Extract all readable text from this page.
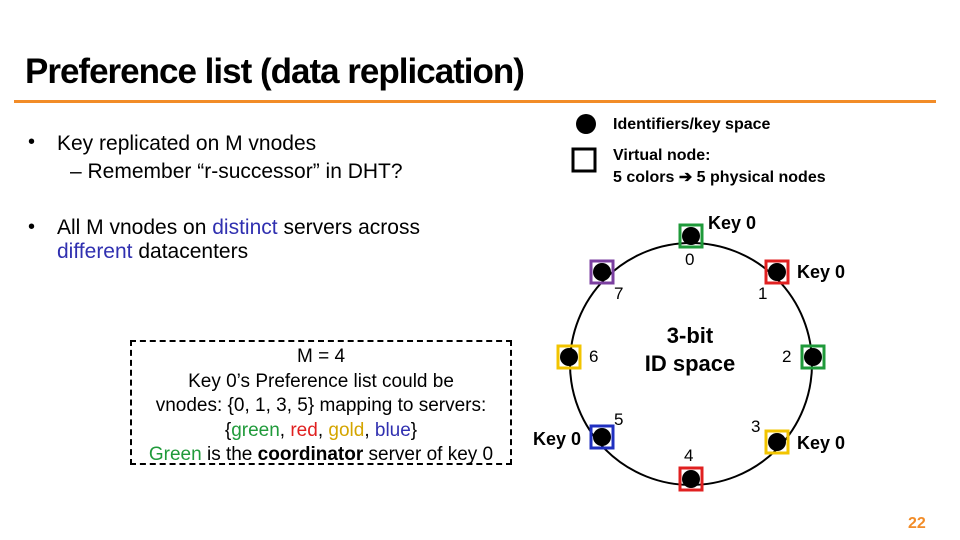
Preference list (data replication)
• Key replicated on M vnodes
– Remember “r-successor” in DHT?
• All M vnodes on distinct servers across
different datacenters
M = 4
Key 0’s Preference list could be
vnodes: {0, 1, 3, 5} mapping to servers:
{green, red, gold, blue}
Green is the coordinator server of key 0
Identifiers/key space
Virtual node:
5 colors ➔ 5 physical nodes
0
1
2
3
4
5
6
7
Key 0
Key 0
Key 0
Key 0
3-bit
ID space
22
